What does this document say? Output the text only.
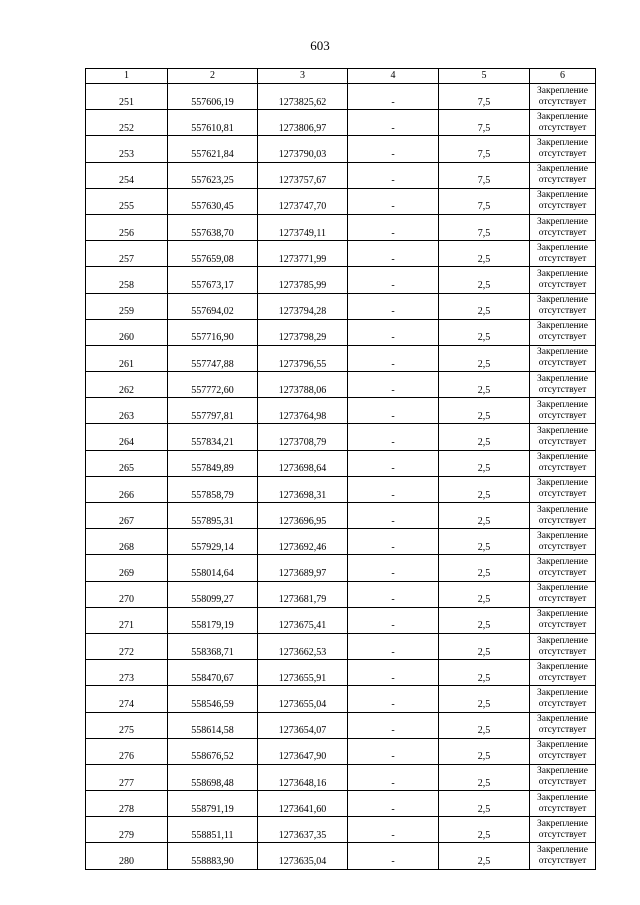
603
1	2	3	4	5	6
251	557606,19	1273825,62	-	7,5	Закрепление
отсутствует

252	557610,81	1273806,97	-	7,5	Закрепление
отсутствует

253	557621,84	1273790,03	-	7,5	Закрепление
отсутствует

254	557623,25	1273757,67	-	7,5	Закрепление
отсутствует

255	557630,45	1273747,70	-	7,5	Закрепление
отсутствует

256	557638,70	1273749,11	-	7,5	Закрепление
отсутствует

257	557659,08	1273771,99	-	2,5	Закрепление
отсутствует

258	557673,17	1273785,99	-	2,5	Закрепление
отсутствует

259	557694,02	1273794,28	-	2,5	Закрепление
отсутствует

260	557716,90	1273798,29	-	2,5	Закрепление
отсутствует

261	557747,88	1273796,55	-	2,5	Закрепление
отсутствует

262	557772,60	1273788,06	-	2,5	Закрепление
отсутствует

263	557797,81	1273764,98	-	2,5	Закрепление
отсутствует

264	557834,21	1273708,79	-	2,5	Закрепление
отсутствует

265	557849,89	1273698,64	-	2,5	Закрепление
отсутствует

266	557858,79	1273698,31	-	2,5	Закрепление
отсутствует

267	557895,31	1273696,95	-	2,5	Закрепление
отсутствует

268	557929,14	1273692,46	-	2,5	Закрепление
отсутствует

269	558014,64	1273689,97	-	2,5	Закрепление
отсутствует

270	558099,27	1273681,79	-	2,5	Закрепление
отсутствует

271	558179,19	1273675,41	-	2,5	Закрепление
отсутствует

272	558368,71	1273662,53	-	2,5	Закрепление
отсутствует

273	558470,67	1273655,91	-	2,5	Закрепление
отсутствует

274	558546,59	1273655,04	-	2,5	Закрепление
отсутствует

275	558614,58	1273654,07	-	2,5	Закрепление
отсутствует

276	558676,52	1273647,90	-	2,5	Закрепление
отсутствует

277	558698,48	1273648,16	-	2,5	Закрепление
отсутствует

278	558791,19	1273641,60	-	2,5	Закрепление
отсутствует

279	558851,11	1273637,35	-	2,5	Закрепление
отсутствует

280	558883,90	1273635,04	-	2,5	Закрепление
отсутствует
